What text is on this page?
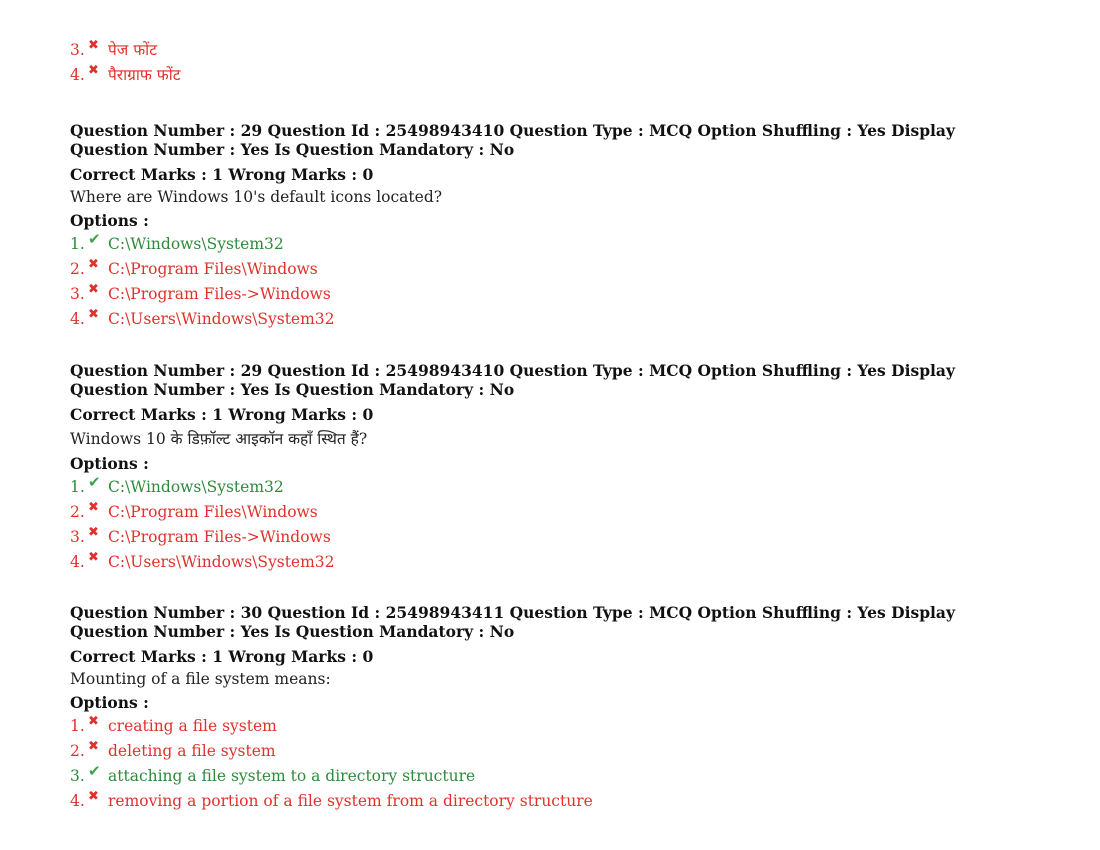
3. ✖ पेज फोंट
4. ✖ पैराग्राफ फोंट
Question Number : 29 Question Id : 25498943410 Question Type : MCQ Option Shuffling : Yes Display Question Number : Yes Is Question Mandatory : No
Correct Marks : 1 Wrong Marks : 0
Where are Windows 10's default icons located?
Options :
1. ✔ C:\Windows\System32
2. ✖ C:\Program Files\Windows
3. ✖ C:\Program Files->Windows
4. ✖ C:\Users\Windows\System32
Question Number : 29 Question Id : 25498943410 Question Type : MCQ Option Shuffling : Yes Display Question Number : Yes Is Question Mandatory : No
Correct Marks : 1 Wrong Marks : 0
Windows 10 के डिफ़ॉल्ट आइकॉन कहाँ स्थित हैं?
Options :
1. ✔ C:\Windows\System32
2. ✖ C:\Program Files\Windows
3. ✖ C:\Program Files->Windows
4. ✖ C:\Users\Windows\System32
Question Number : 30 Question Id : 25498943411 Question Type : MCQ Option Shuffling : Yes Display Question Number : Yes Is Question Mandatory : No
Correct Marks : 1 Wrong Marks : 0
Mounting of a file system means:
Options :
1. ✖ creating a file system
2. ✖ deleting a file system
3. ✔ attaching a file system to a directory structure
4. ✖ removing a portion of a file system from a directory structure
